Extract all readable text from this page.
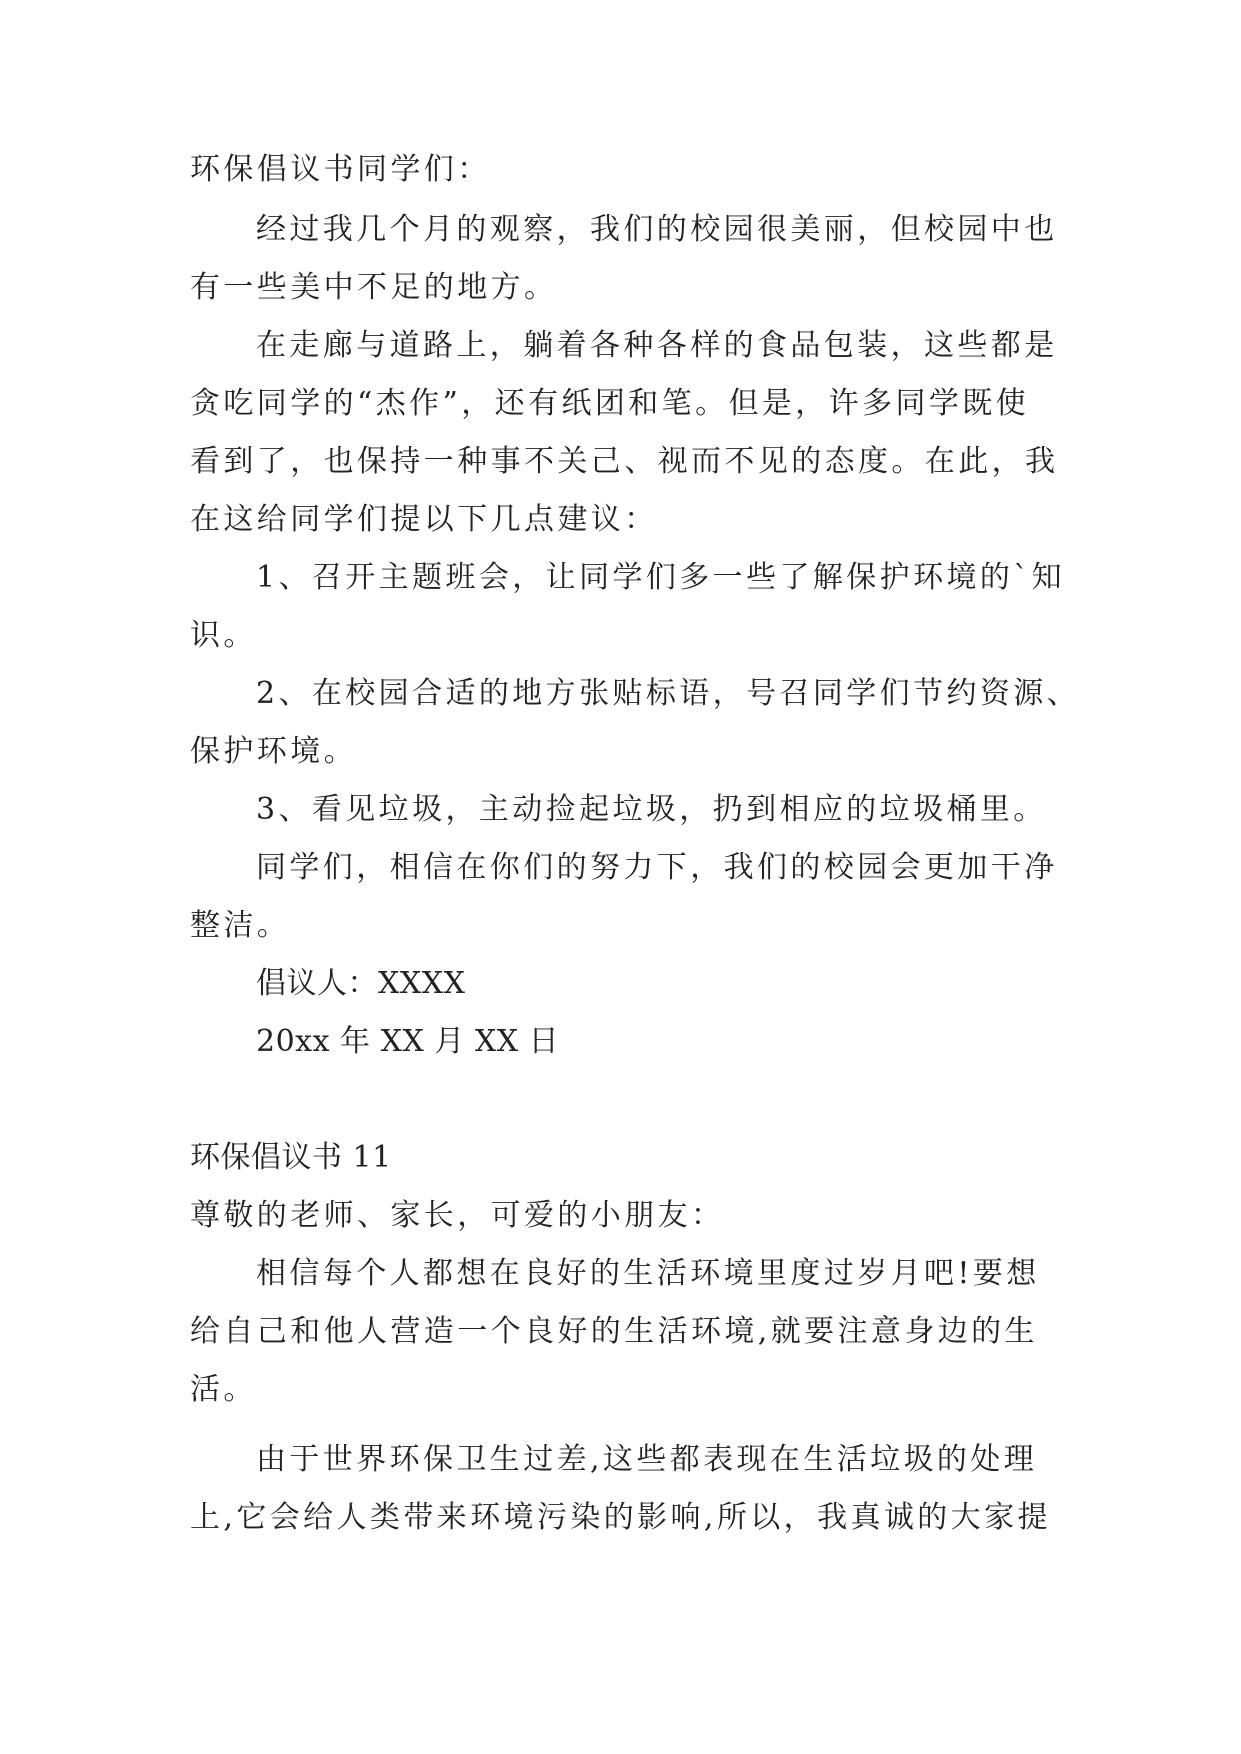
环保倡议书同学们：
经过我几个月的观察，我们的校园很美丽，但校园中也
有一些美中不足的地方。
在走廊与道路上，躺着各种各样的食品包装，这些都是
贪吃同学的“杰作”，还有纸团和笔。但是，许多同学既使
看到了，也保持一种事不关己、视而不见的态度。在此，我
在这给同学们提以下几点建议：
1、召开主题班会，让同学们多一些了解保护环境的`知
识。
2、在校园合适的地方张贴标语，号召同学们节约资源、
保护环境。
3、看见垃圾，主动捡起垃圾，扔到相应的垃圾桶里。
同学们，相信在你们的努力下，我们的校园会更加干净
整洁。
倡议人：XXXX
20xx 年 XX 月 XX 日
环保倡议书 11
尊敬的老师、家长，可爱的小朋友：
相信每个人都想在良好的生活环境里度过岁月吧!要想
给自己和他人营造一个良好的生活环境,就要注意身边的生
活。
由于世界环保卫生过差,这些都表现在生活垃圾的处理
上,它会给人类带来环境污染的影响,所以，我真诚的大家提
